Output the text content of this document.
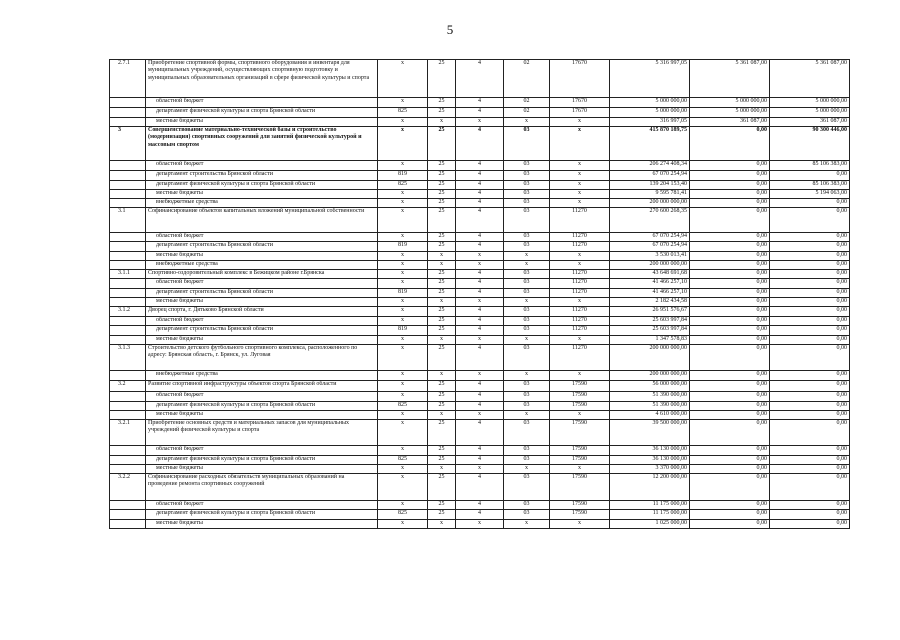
5
2.7.1	Приобретение спортивной формы, спортивного оборудования и инвентаря для муниципальных учреждений, осуществляющих спортивную подготовку и муниципальных образовательных организаций в сфере физической культуры и спорта	x	25	4	02	17670	5 316 997,05	5 361 087,00	5 361 087,00
	областной бюджет	x	25	4	02	17670	5 000 000,00	5 000 000,00	5 000 000,00
	департамент физической культуры и спорта Брянской области	825	25	4	02	17670	5 000 000,00	5 000 000,00	5 000 000,00
	местные бюджеты	x	x	x	x	x	316 997,05	361 087,00	361 087,00
3	Совершенствование материально-технической базы и строительство (модернизация) спортивных сооружений для занятий физической культурой и массовым спортом	x	25	4	03	x	415 870 189,75	0,00	90 300 446,00
	областной бюджет	x	25	4	03	x	206 274 408,34	0,00	85 106 383,00
	департамент строительства Брянской области	819	25	4	03	x	67 070 254,94	0,00	0,00
	департамент физической культуры и спорта Брянской области	825	25	4	03	x	139 204 153,40	0,00	85 106 383,00
	местные бюджеты	x	25	4	03	x	9 595 781,41	0,00	5 194 063,00
	внебюджетные средства	x	25	4	03	x	200 000 000,00	0,00	0,00
3.1	Софинансирование объектов капитальных вложений муниципальной собственности	x	25	4	03	11270	270 600 268,35	0,00	0,00
	областной бюджет	x	25	4	03	11270	67 070 254,94	0,00	0,00
	департамент строительства Брянской области	819	25	4	03	11270	67 070 254,94	0,00	0,00
	местные бюджеты	x	x	x	x	x	3 530 013,41	0,00	0,00
	внебюджетные средства	x	x	x	x	x	200 000 000,00	0,00	0,00
3.1.1	Спортивно-оздоровительный комплекс в Бежицком районе г.Брянска	x	25	4	03	11270	43 648 691,68	0,00	0,00
	областной бюджет	x	25	4	03	11270	41 466 257,10	0,00	0,00
	департамент строительства Брянской области	819	25	4	03	11270	41 466 257,10	0,00	0,00
	местные бюджеты	x	x	x	x	x	2 182 434,58	0,00	0,00
3.1.2	Дворец спорта, г. Дятьково Брянской области	x	25	4	03	11270	26 951 576,67	0,00	0,00
	областной бюджет	x	25	4	03	11270	25 603 997,84	0,00	0,00
	департамент строительства Брянской области	819	25	4	03	11270	25 603 997,84	0,00	0,00
	местные бюджеты	x	x	x	x	x	1 347 578,83	0,00	0,00
3.1.3	Строительство детского футбольного спортивного комплекса, расположенного по адресу: Брянская область, г. Брянск, ул. Луговая	x	25	4	03	11270	200 000 000,00	0,00	0,00
	внебюджетные средства	x	x	x	x	x	200 000 000,00	0,00	0,00
3.2	Развитие спортивной инфраструктуры объектов спорта Брянской области	x	25	4	03	17590	56 000 000,00	0,00	0,00
	областной бюджет	x	25	4	03	17590	51 390 000,00	0,00	0,00
	департамент физической культуры и спорта Брянской области	825	25	4	03	17590	51 390 000,00	0,00	0,00
	местные бюджеты	x	x	x	x	x	4 610 000,00	0,00	0,00
3.2.1	Приобретение основных средств и материальных запасов для муниципальных учреждений физической культуры и спорта	x	25	4	03	17590	39 500 000,00	0,00	0,00
	областной бюджет	x	25	4	03	17590	36 130 000,00	0,00	0,00
	департамент физической культуры и спорта Брянской области	825	25	4	03	17590	36 130 000,00	0,00	0,00
	местные бюджеты	x	x	x	x	x	3 370 000,00	0,00	0,00
3.2.2	Софинансирование расходных обязательств муниципальных образований на проведение ремонта спортивных сооружений	x	25	4	03	17590	12 200 000,00	0,00	0,00
	областной бюджет	x	25	4	03	17590	11 175 000,00	0,00	0,00
	департамент физической культуры и спорта Брянской области	825	25	4	03	17590	11 175 000,00	0,00	0,00
	местные бюджеты	x	x	x	x	x	1 025 000,00	0,00	0,00
